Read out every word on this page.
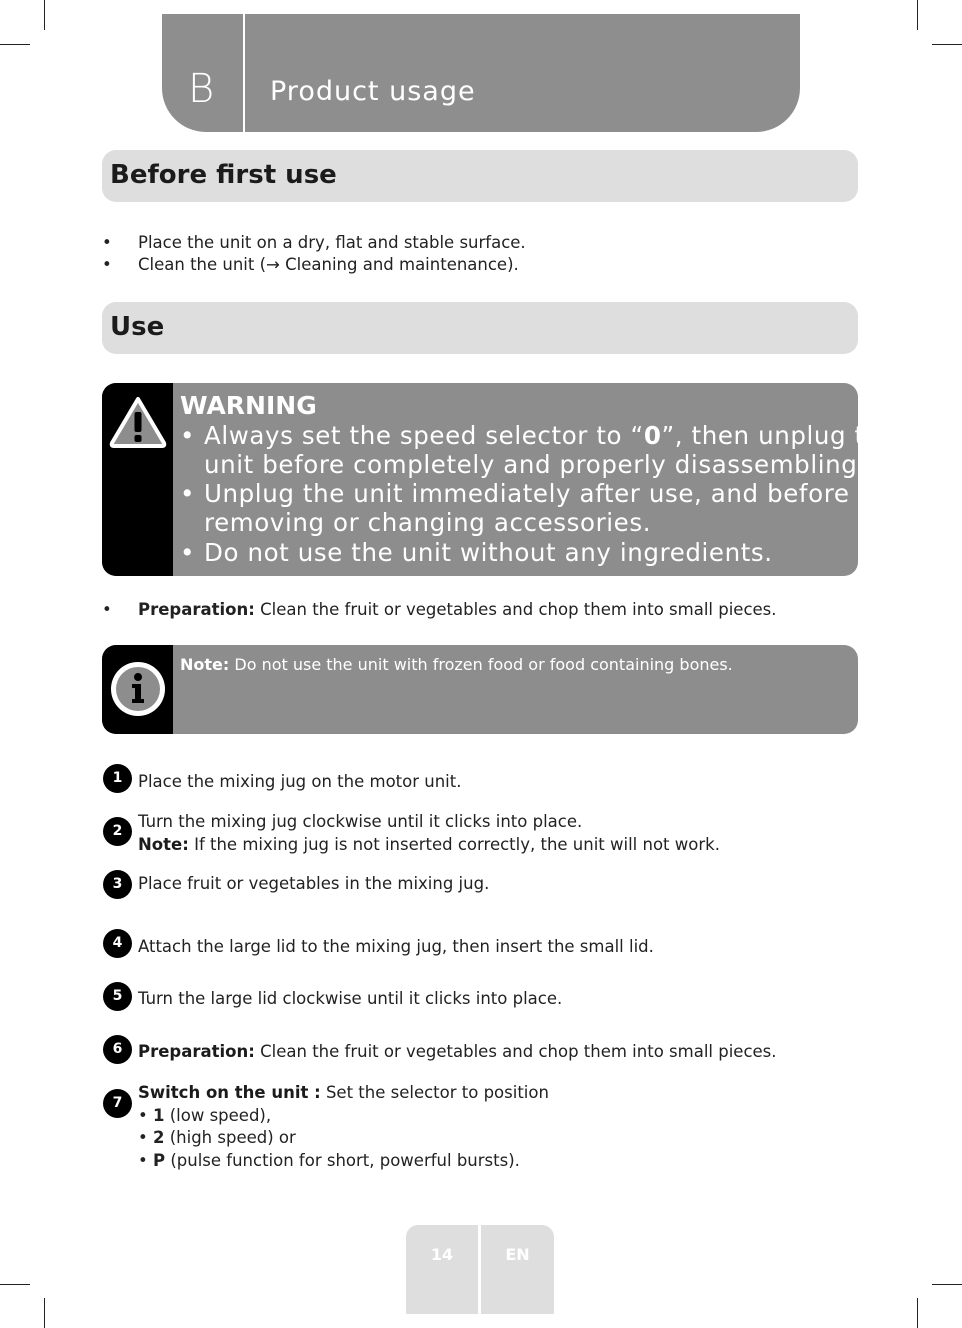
B Product usage
Before first use
• Place the unit on a dry, flat and stable surface.
• Clean the unit (→ Cleaning and maintenance).
Use
WARNING
• Always set the speed selector to “0”, then unplug the
unit before completely and properly disassembling it!
• Unplug the unit immediately after use, and before
removing or changing accessories.
• Do not use the unit without any ingredients.
• Preparation: Clean the fruit or vegetables and chop them into small pieces.
Note: Do not use the unit with frozen food or food containing bones.
1 Place the mixing jug on the motor unit.
2 Turn the mixing jug clockwise until it clicks into place.
Note: If the mixing jug is not inserted correctly, the unit will not work.
3 Place fruit or vegetables in the mixing jug.
4 Attach the large lid to the mixing jug, then insert the small lid.
5 Turn the large lid clockwise until it clicks into place.
6 Preparation: Clean the fruit or vegetables and chop them into small pieces.
7
Switch on the unit : Set the selector to position
• 1 (low speed),
• 2 (high speed) or
• P (pulse function for short, powerful bursts).
14	EN
